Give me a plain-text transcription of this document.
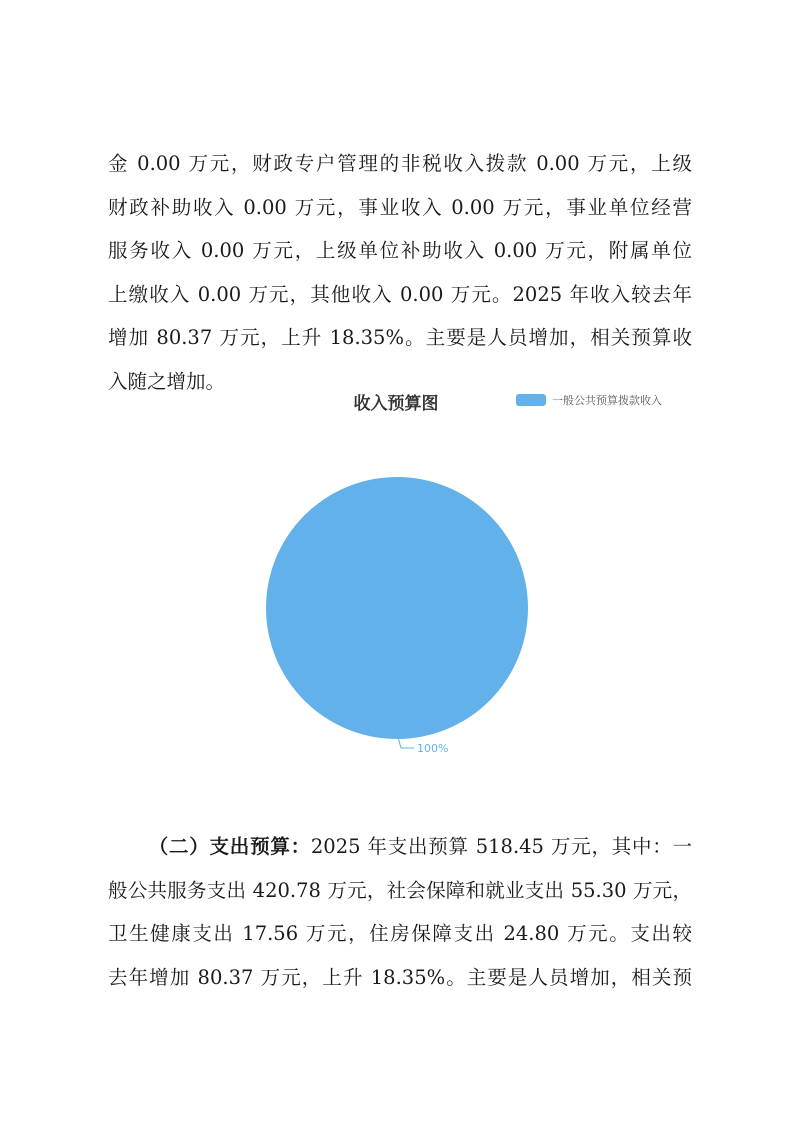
金 0.00 万元，财政专户管理的非税收入拨款 0.00 万元，上级
财政补助收入 0.00 万元，事业收入 0.00 万元，事业单位经营
服务收入 0.00 万元，上级单位补助收入 0.00 万元，附属单位
上缴收入 0.00 万元，其他收入 0.00 万元。2025 年收入较去年
增加 80.37 万元，上升 18.35%。主要是人员增加，相关预算收
入随之增加。
收入预算图	一般公共预算拨款收入
100%
（二）支出预算：2025 年支出预算 518.45 万元，其中：一
般公共服务支出 420.78 万元，社会保障和就业支出 55.30 万元，
卫生健康支出 17.56 万元，住房保障支出 24.80 万元。支出较
去年增加 80.37 万元，上升 18.35%。主要是人员增加，相关预
